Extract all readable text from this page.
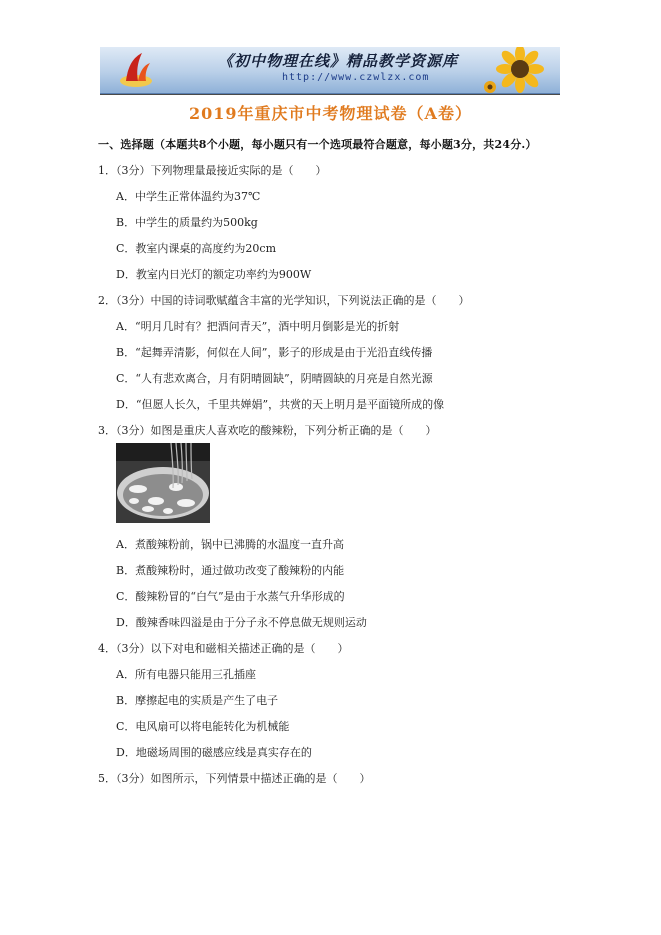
《初中物理在线》精品教学资源库
http://www.czwlzx.com
2019年重庆市中考物理试卷（A卷）
一、选择题（本题共8个小题，每小题只有一个选项最符合题意，每小题3分，共24分.）
1．（3分）下列物理量最接近实际的是（　　）
A．中学生正常体温约为37℃
B．中学生的质量约为500kg
C．教室内课桌的高度约为20cm
D．教室内日光灯的额定功率约为900W
2．（3分）中国的诗词歌赋蕴含丰富的光学知识，下列说法正确的是（　　）
A．“明月几时有？把酒问青天”，酒中明月倒影是光的折射
B．“起舞弄清影，何似在人间”，影子的形成是由于光沿直线传播
C．“人有悲欢离合，月有阴晴圆缺”，阴晴圆缺的月亮是自然光源
D．“但愿人长久，千里共婵娟”，共赏的天上明月是平面镜所成的像
3．（3分）如图是重庆人喜欢吃的酸辣粉，下列分析正确的是（　　）
A．煮酸辣粉前，锅中已沸腾的水温度一直升高
B．煮酸辣粉时，通过做功改变了酸辣粉的内能
C．酸辣粉冒的“白气”是由于水蒸气升华形成的
D．酸辣香味四溢是由于分子永不停息做无规则运动
4．（3分）以下对电和磁相关描述正确的是（　　）
A．所有电器只能用三孔插座
B．摩擦起电的实质是产生了电子
C．电风扇可以将电能转化为机械能
D．地磁场周围的磁感应线是真实存在的
5．（3分）如图所示，下列情景中描述正确的是（　　）
